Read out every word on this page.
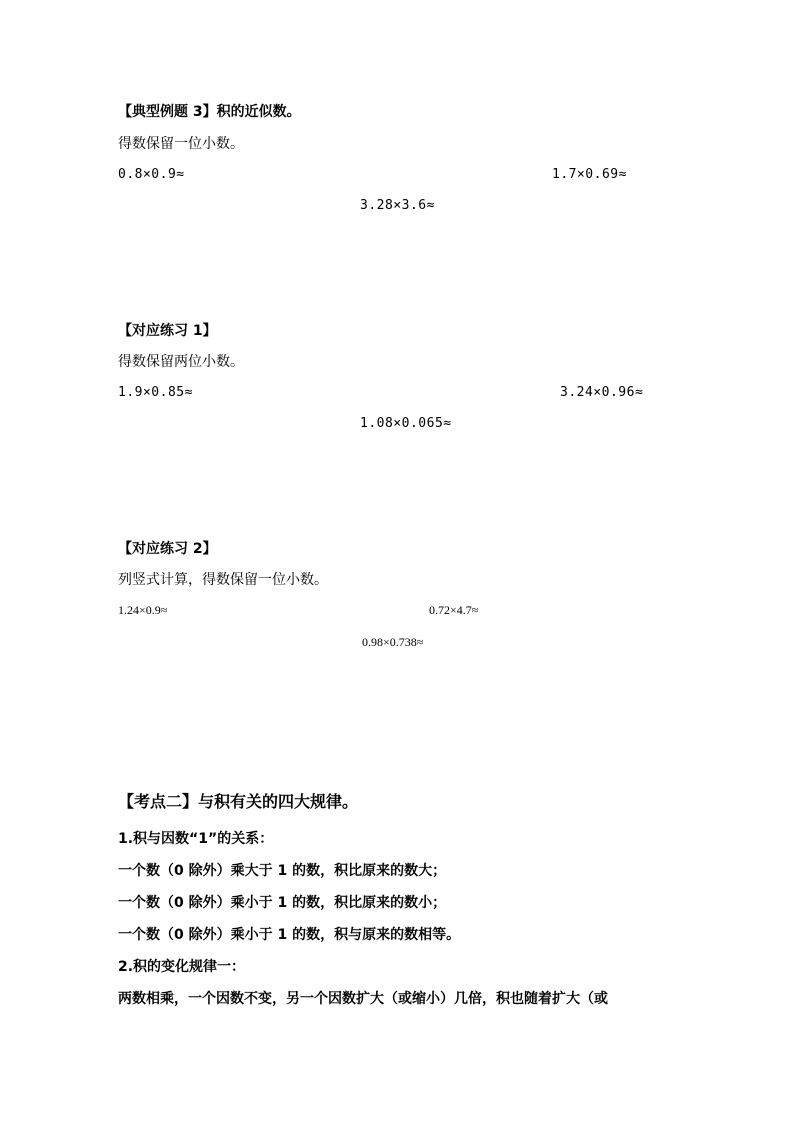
【典型例题 3】积的近似数。
得数保留一位小数。
0.8×0.9≈	1.7×0.69≈
3.28×3.6≈
【对应练习 1】
得数保留两位小数。
1.9×0.85≈	3.24×0.96≈
1.08×0.065≈
【对应练习 2】
列竖式计算，得数保留一位小数。
1.24×0.9≈	0.72×4.7≈
0.98×0.738≈
【考点二】与积有关的四大规律。
1.积与因数“1”的关系：
一个数（0 除外）乘大于 1 的数，积比原来的数大；
一个数（0 除外）乘小于 1 的数，积比原来的数小；
一个数（0 除外）乘小于 1 的数，积与原来的数相等。
2.积的变化规律一：
两数相乘，一个因数不变，另一个因数扩大（或缩小）几倍，积也随着扩大（或
